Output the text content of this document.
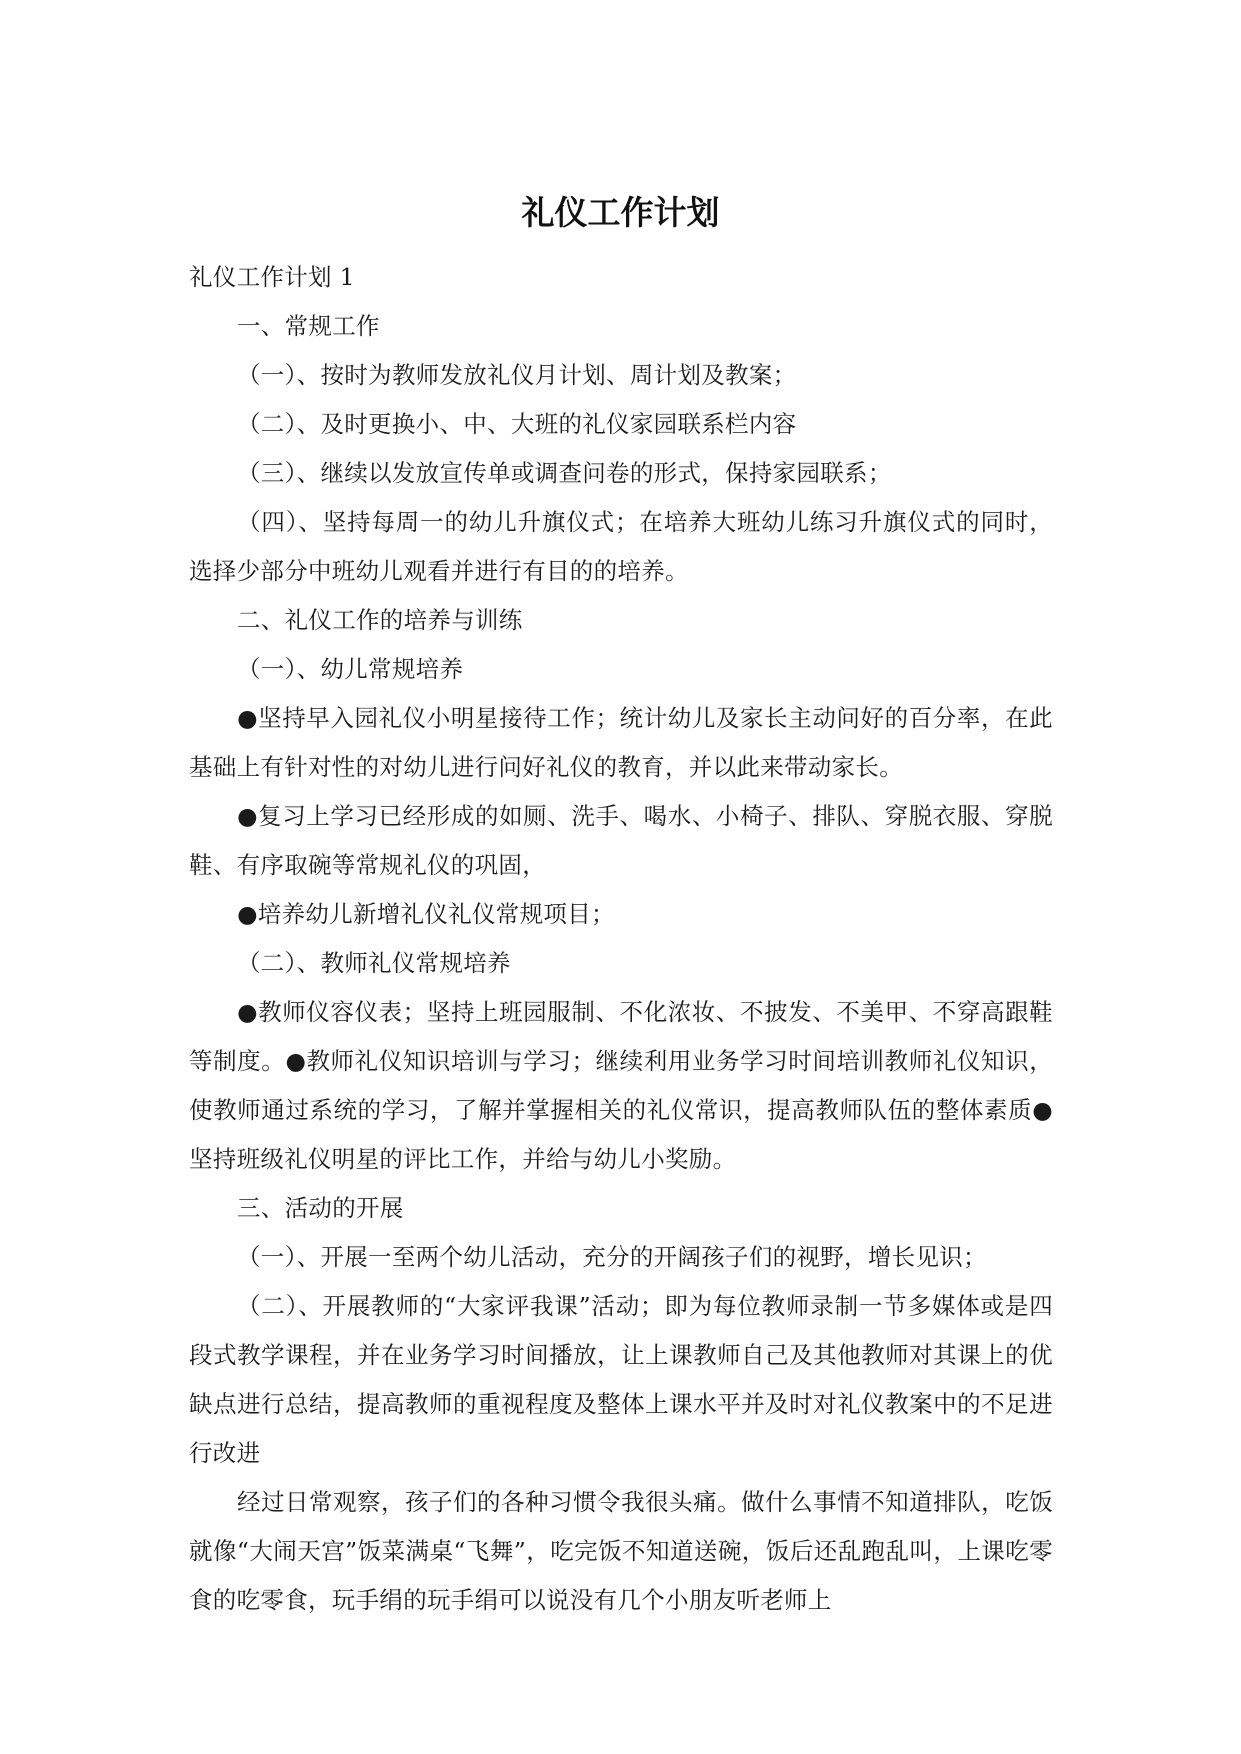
礼仪工作计划

礼仪工作计划 1

一、常规工作

（一）、按时为教师发放礼仪月计划、周计划及教案；

（二）、及时更换小、中、大班的礼仪家园联系栏内容

（三）、继续以发放宣传单或调查问卷的形式，保持家园联系；

（四）、坚持每周一的幼儿升旗仪式；在培养大班幼儿练习升旗仪式的同时，选择少部分中班幼儿观看并进行有目的的培养。

二、礼仪工作的培养与训练

（一）、幼儿常规培养

●坚持早入园礼仪小明星接待工作；统计幼儿及家长主动问好的百分率，在此基础上有针对性的对幼儿进行问好礼仪的教育，并以此来带动家长。

●复习上学习已经形成的如厕、洗手、喝水、小椅子、排队、穿脱衣服、穿脱鞋、有序取碗等常规礼仪的巩固，

●培养幼儿新增礼仪礼仪常规项目；

（二）、教师礼仪常规培养

●教师仪容仪表；坚持上班园服制、不化浓妆、不披发、不美甲、不穿高跟鞋等制度。●教师礼仪知识培训与学习；继续利用业务学习时间培训教师礼仪知识，使教师通过系统的学习，了解并掌握相关的礼仪常识，提高教师队伍的整体素质●坚持班级礼仪明星的评比工作，并给与幼儿小奖励。

三、活动的开展

（一）、开展一至两个幼儿活动，充分的开阔孩子们的视野，增长见识；

（二）、开展教师的“大家评我课”活动；即为每位教师录制一节多媒体或是四段式教学课程，并在业务学习时间播放，让上课教师自己及其他教师对其课上的优缺点进行总结，提高教师的重视程度及整体上课水平并及时对礼仪教案中的不足进行改进

经过日常观察，孩子们的各种习惯令我很头痛。做什么事情不知道排队，吃饭就像“大闹天宫”饭菜满桌“飞舞”，吃完饭不知道送碗，饭后还乱跑乱叫，上课吃零食的吃零食，玩手绢的玩手绢可以说没有几个小朋友听老师上
